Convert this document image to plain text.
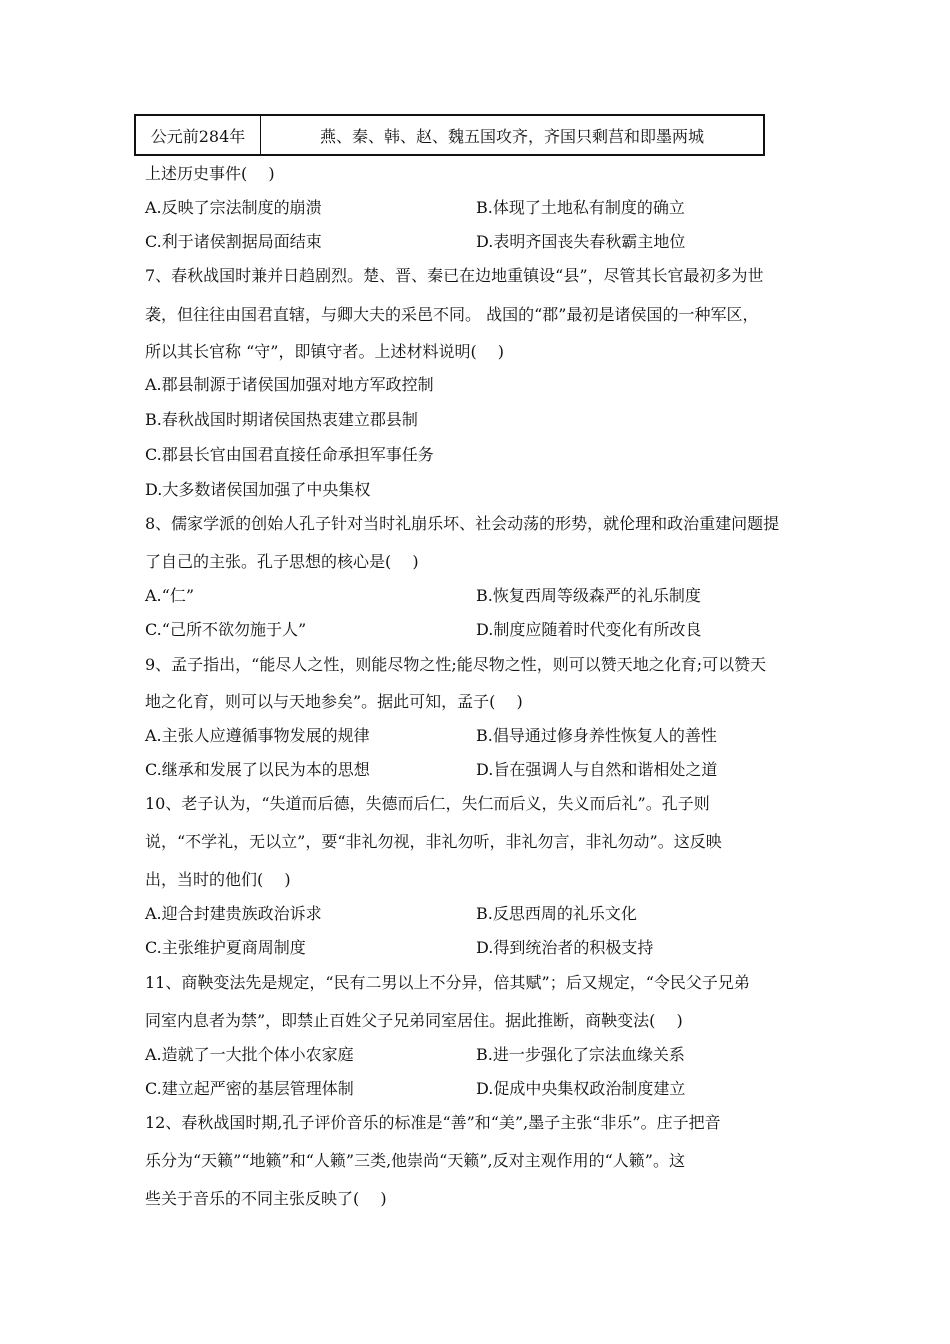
公元前284年	燕、秦、韩、赵、魏五国攻齐，齐国只剩莒和即墨两城
上述历史事件(　 )
A.反映了宗法制度的崩溃	B.体现了土地私有制度的确立
C.利于诸侯割据局面结束	D.表明齐国丧失春秋霸主地位
7、春秋战国时兼并日趋剧烈。楚、晋、秦已在边地重镇设“县”，尽管其长官最初多为世
袭，但往往由国君直辖，与卿大夫的采邑不同。 战国的“郡”最初是诸侯国的一种军区，
所以其长官称 “守”，即镇守者。上述材料说明(　 )
A.郡县制源于诸侯国加强对地方军政控制
B.春秋战国时期诸侯国热衷建立郡县制
C.郡县长官由国君直接任命承担军事任务
D.大多数诸侯国加强了中央集权
8、儒家学派的创始人孔子针对当时礼崩乐坏、社会动荡的形势，就伦理和政治重建问题提
了自己的主张。孔子思想的核心是(　 )
A.“仁”	B.恢复西周等级森严的礼乐制度
C.“己所不欲勿施于人”	D.制度应随着时代变化有所改良
9、孟子指出，“能尽人之性，则能尽物之性;能尽物之性，则可以赞天地之化育;可以赞天
地之化育，则可以与天地参矣”。据此可知，孟子(　 )
A.主张人应遵循事物发展的规律	B.倡导通过修身养性恢复人的善性
C.继承和发展了以民为本的思想	D.旨在强调人与自然和谐相处之道
10、老子认为，“失道而后德，失德而后仁，失仁而后义，失义而后礼”。孔子则
说，“不学礼，无以立”，要“非礼勿视，非礼勿听，非礼勿言，非礼勿动”。这反映
出，当时的他们(　 )
A.迎合封建贵族政治诉求	B.反思西周的礼乐文化
C.主张维护夏商周制度	D.得到统治者的积极支持
11、商鞅变法先是规定，“民有二男以上不分异，倍其赋”；后又规定，“令民父子兄弟
同室内息者为禁”，即禁止百姓父子兄弟同室居住。据此推断，商鞅变法(　 )
A.造就了一大批个体小农家庭	B.进一步强化了宗法血缘关系
C.建立起严密的基层管理体制	D.促成中央集权政治制度建立
12、春秋战国时期,孔子评价音乐的标准是“善”和“美”,墨子主张“非乐”。庄子把音
乐分为“天籁”“地籁”和“人籁”三类,他崇尚“天籁”,反对主观作用的“人籁”。这
些关于音乐的不同主张反映了(　 )
